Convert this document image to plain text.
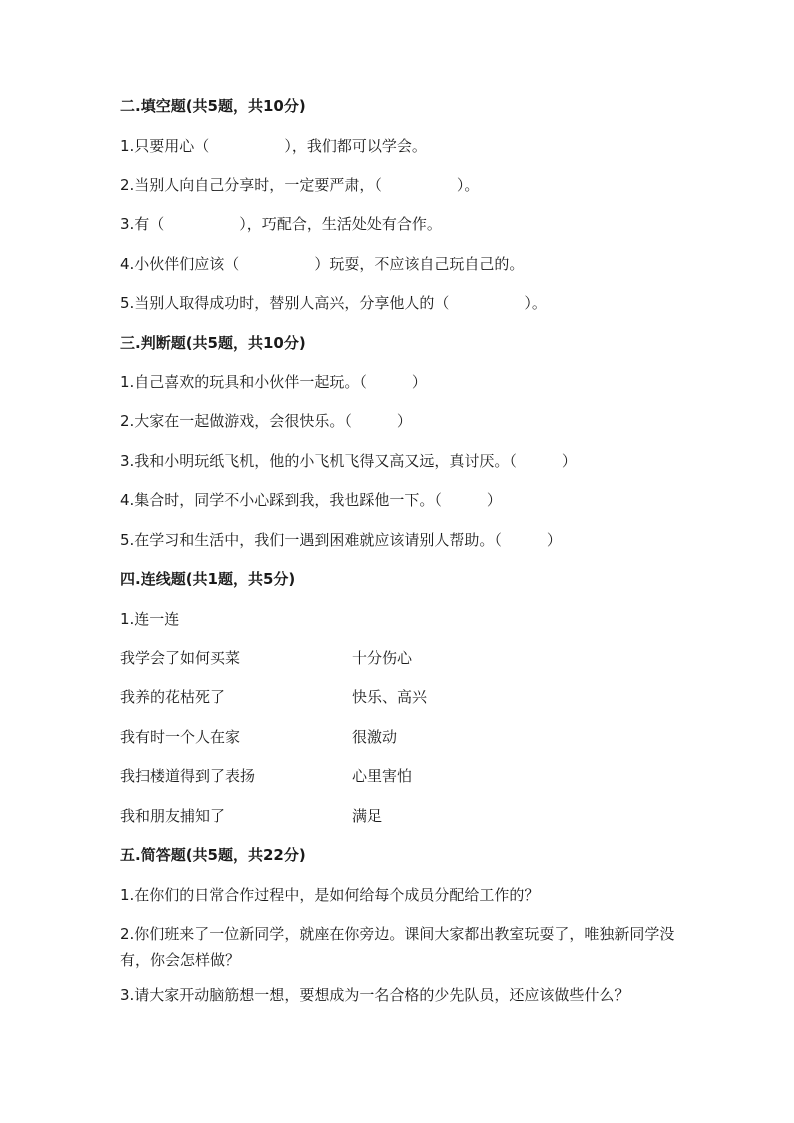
二.填空题(共5题，共10分)
1.只要用心（　　　　　），我们都可以学会。
2.当别人向自己分享时，一定要严肃，（　　　　　）。
3.有（　　　　　），巧配合，生活处处有合作。
4.小伙伴们应该（　　　　　）玩耍，不应该自己玩自己的。
5.当别人取得成功时，替别人高兴，分享他人的（　　　　　）。
三.判断题(共5题，共10分)
1.自己喜欢的玩具和小伙伴一起玩。（　　　）
2.大家在一起做游戏，会很快乐。（　　　）
3.我和小明玩纸飞机，他的小飞机飞得又高又远，真讨厌。（　　　）
4.集合时，同学不小心踩到我，我也踩他一下。（　　　）
5.在学习和生活中，我们一遇到困难就应该请别人帮助。（　　　）
四.连线题(共1题，共5分)
1.连一连
我学会了如何买菜	十分伤心
我养的花枯死了	快乐、高兴
我有时一个人在家	很激动
我扫楼道得到了表扬	心里害怕
我和朋友捕知了	满足
五.简答题(共5题，共22分)
1.在你们的日常合作过程中，是如何给每个成员分配给工作的？
2.你们班来了一位新同学，就座在你旁边。课间大家都出教室玩耍了，唯独新同学没有，你会怎样做？
3.请大家开动脑筋想一想，要想成为一名合格的少先队员，还应该做些什么？
